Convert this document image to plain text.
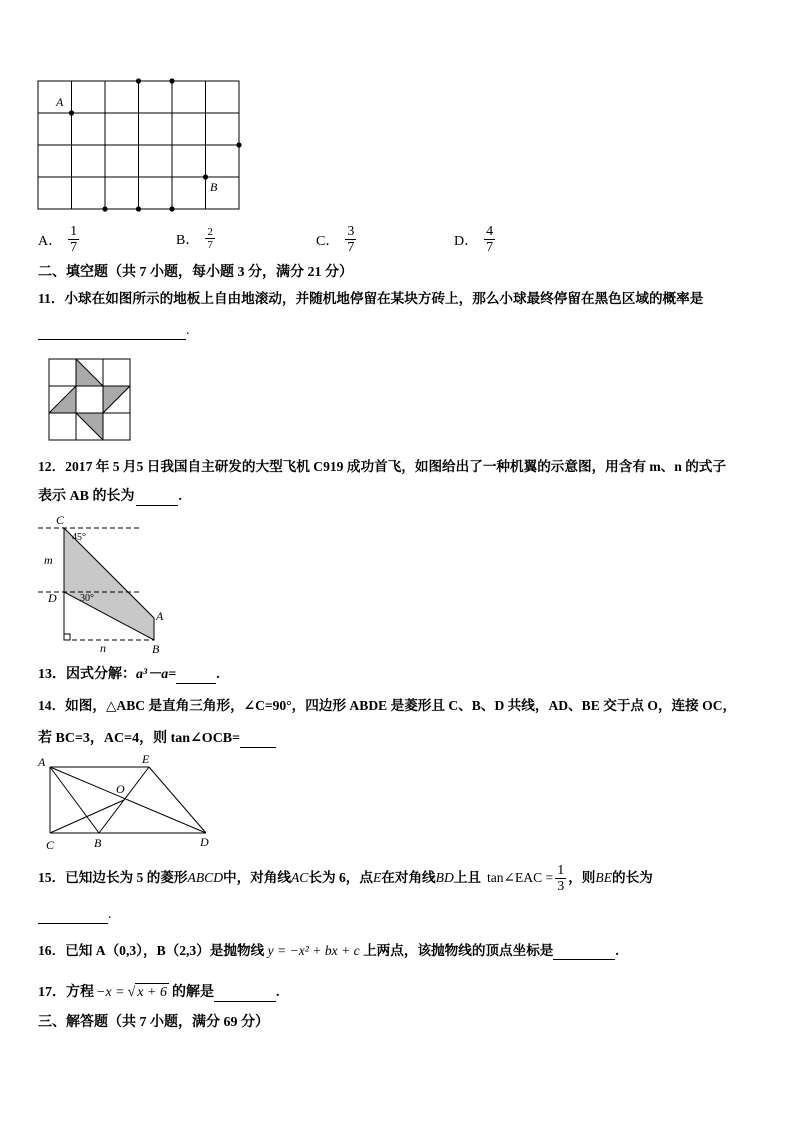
A
B
A． $\frac{1}{7}$	B． $\frac{2}{7}$	C． $\frac{3}{7}$	D． $\frac{4}{7}$
二、填空题（共 7 小题，每小题 3 分，满分 21 分）
11．小球在如图所示的地板上自由地滚动，并随机地停留在某块方砖上，那么小球最终停留在黑色区域的概率是
.
12．2017 年 5 月5 日我国自主研发的大型飞机 C919 成功首飞，如图给出了一种机翼的示意图，用含有 m、n 的式子
表示 AB 的长为	.
C
45°
m
D 30°
A
n	B
13．因式分解：a³－a=	.
14．如图，△ABC 是直角三角形，∠C=90°，四边形 ABDE 是菱形且 C、B、D 共线，AD、BE 交于点 O，连接 OC，
若 BC=3，AC=4，则 tan∠OCB=
A	E
O
C	B	D
15．已知边长为 5 的菱形 ABCD 中，对角线 AC 长为 6，点 E 在对角线 BD 上且 tan∠EAC = $\frac{1}{3}$ ，则 BE 的长为
.
16．已知 A（0,3），B（2,3）是抛物线 y = −x² + bx + c 上两点，该抛物线的顶点坐标是	.
17．方程 −x = √ x + 6 的解是	.
三、解答题（共 7 小题，满分 69 分）
